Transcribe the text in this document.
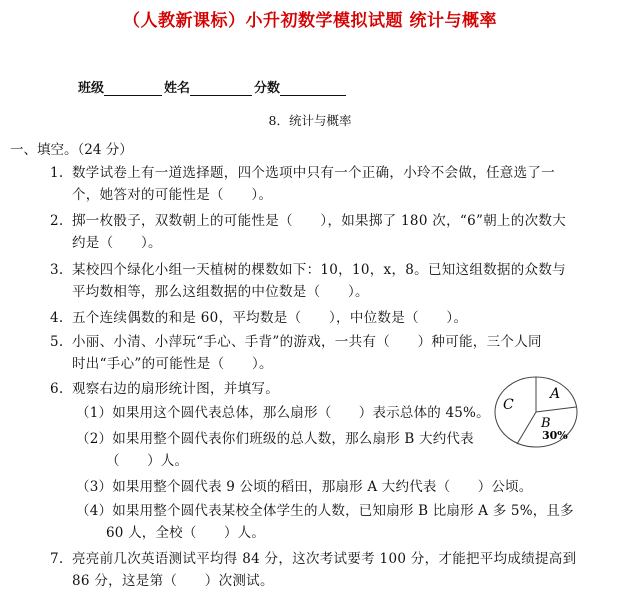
（人教新课标）小升初数学模拟试题 统计与概率
班级	姓名	分数
8．统计与概率
一、填空。（24 分）
1. 数学试卷上有一道选择题，四个选项中只有一个正确，小玲不会做，任意选了一
个，她答对的可能性是（　　）。
2. 掷一枚骰子，双数朝上的可能性是（　　），如果掷了 180 次，“6”朝上的次数大
约是（　　）。
3. 某校四个绿化小组一天植树的棵数如下：10，10，x，8。已知这组数据的众数与
平均数相等，那么这组数据的中位数是（　　）。
4. 五个连续偶数的和是 60，平均数是（　　），中位数是（　　）。
5. 小丽、小清、小萍玩“手心、手背”的游戏，一共有（　　）种可能，三个人同
时出“手心”的可能性是（　　）。
6. 观察右边的扇形统计图，并填写。
（1）如果用这个圆代表总体，那么扇形（　　）表示总体的 45%。
（2）如果用整个圆代表你们班级的总人数，那么扇形 B 大约代表
（　　）人。
（3）如果用整个圆代表 9 公顷的稻田，那扇形 A 大约代表（　　）公顷。
（4）如果用整个圆代表某校全体学生的人数，已知扇形 B 比扇形 A 多 5%，且多
60 人，全校（　　）人。
7. 亮亮前几次英语测试平均得 84 分，这次考试要考 100 分，才能把平均成绩提高到
86 分，这是第（　　）次测试。
A
B
C
30%
